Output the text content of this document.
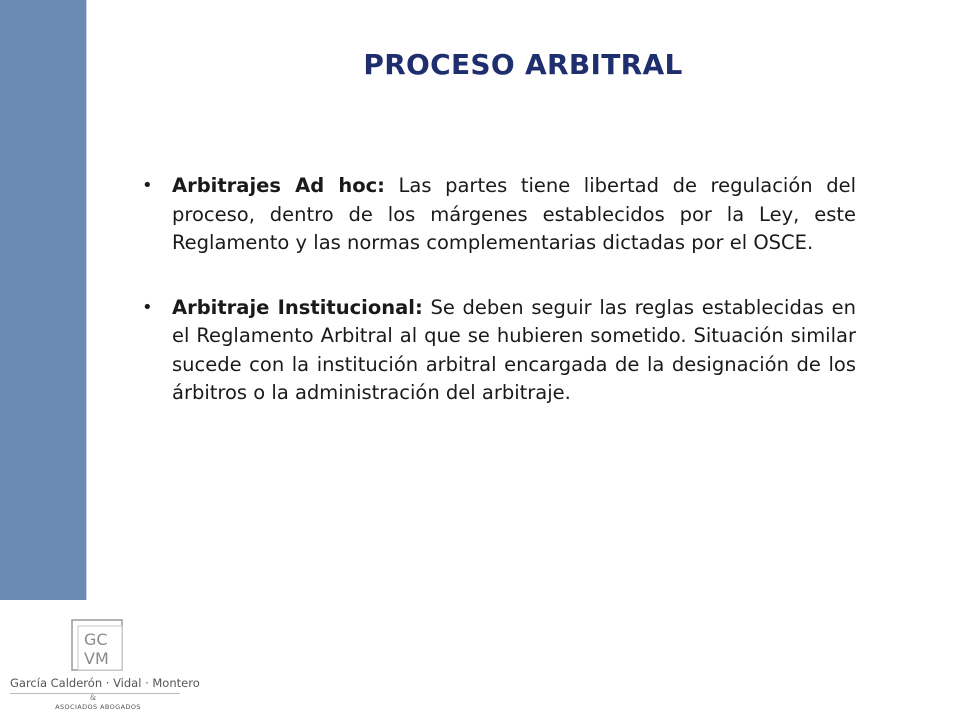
PROCESO ARBITRAL
• Arbitrajes Ad hoc: Las partes tiene libertad de regulación del proceso, dentro de los márgenes establecidos por la Ley, este Reglamento y las normas complementarias dictadas por el OSCE.
• Arbitraje Institucional: Se deben seguir las reglas establecidas en el Reglamento Arbitral al que se hubieren sometido. Situación similar sucede con la institución arbitral encargada de la designación de los árbitros o la administración del arbitraje.
GC
VM
García Calderón · Vidal · Montero
&
ASOCIADOS ABOGADOS
